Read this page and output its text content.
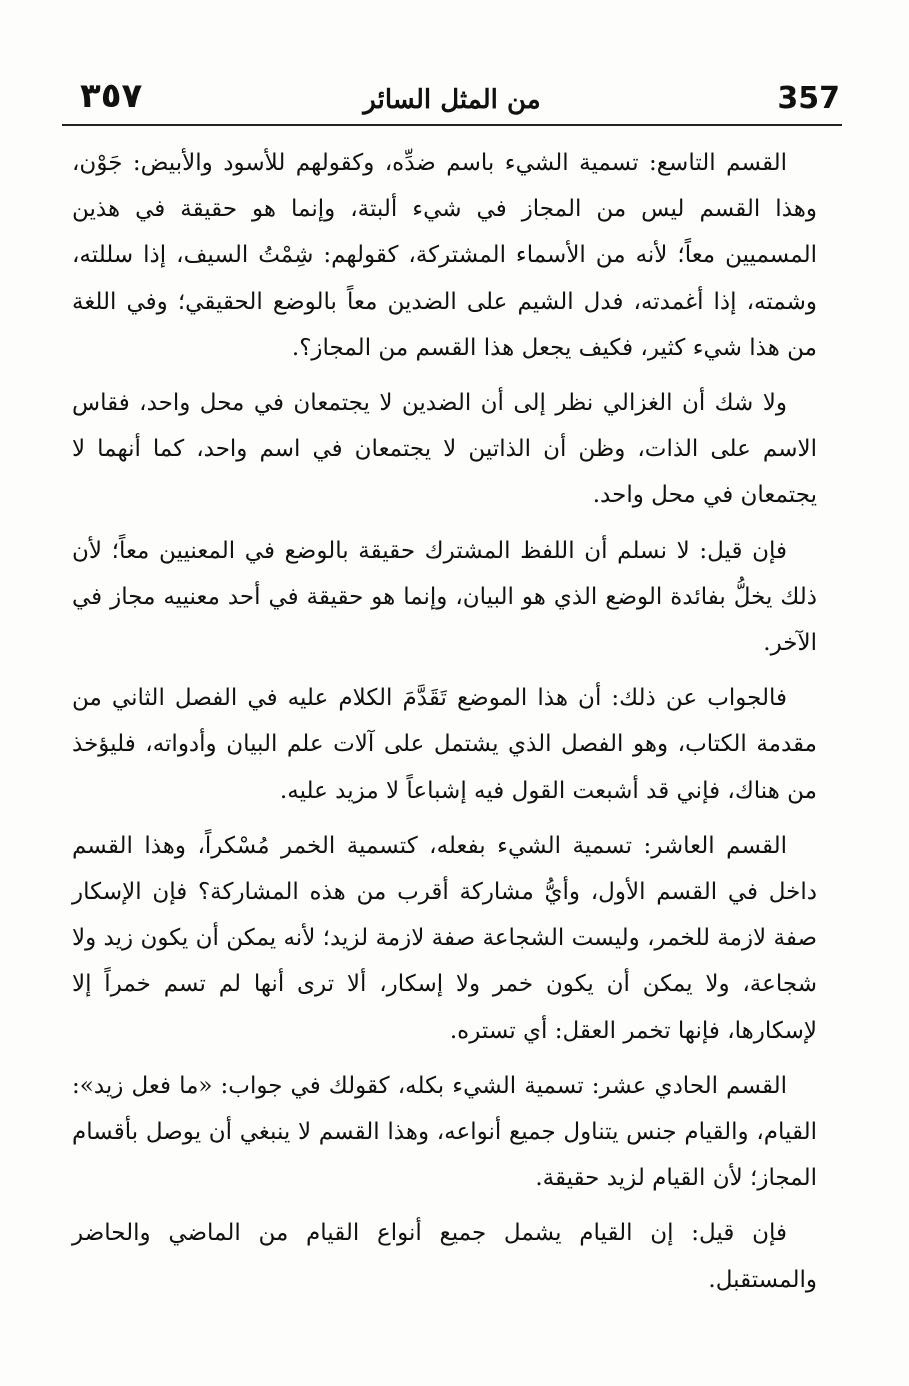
٣٥٧	من المثل السائر	357

القسم التاسع: تسمية الشيء باسم ضدِّه، وكقولهم للأسود والأبيض: جَوْن، وهذا القسم ليس من المجاز في شيء ألبتة، وإنما هو حقيقة في هذين المسميين معاً؛ لأنه من الأسماء المشتركة، كقولهم: شِمْتُ السيف، إذا سللته، وشمته، إذا أغمدته، فدل الشيم على الضدين معاً بالوضع الحقيقي؛ وفي اللغة من هذا شيء كثير، فكيف يجعل هذا القسم من المجاز؟.

ولا شك أن الغزالي نظر إلى أن الضدين لا يجتمعان في محل واحد، فقاس الاسم على الذات، وظن أن الذاتين لا يجتمعان في اسم واحد، كما أنهما لا يجتمعان في محل واحد.

فإن قيل: لا نسلم أن اللفظ المشترك حقيقة بالوضع في المعنيين معاً؛ لأن ذلك يخلُّ بفائدة الوضع الذي هو البيان، وإنما هو حقيقة في أحد معنييه مجاز في الآخر.

فالجواب عن ذلك: أن هذا الموضع تَقَدَّمَ الكلام عليه في الفصل الثاني من مقدمة الكتاب، وهو الفصل الذي يشتمل على آلات علم البيان وأدواته، فليؤخذ من هناك، فإني قد أشبعت القول فيه إشباعاً لا مزيد عليه.

القسم العاشر: تسمية الشيء بفعله، كتسمية الخمر مُسْكراً، وهذا القسم داخل في القسم الأول، وأيُّ مشاركة أقرب من هذه المشاركة؟ فإن الإسكار صفة لازمة للخمر، وليست الشجاعة صفة لازمة لزيد؛ لأنه يمكن أن يكون زيد ولا شجاعة، ولا يمكن أن يكون خمر ولا إسكار، ألا ترى أنها لم تسم خمراً إلا لإسكارها، فإنها تخمر العقل: أي تستره.

القسم الحادي عشر: تسمية الشيء بكله، كقولك في جواب: «ما فعل زيد»: القيام، والقيام جنس يتناول جميع أنواعه، وهذا القسم لا ينبغي أن يوصل بأقسام المجاز؛ لأن القيام لزيد حقيقة.

فإن قيل: إن القيام يشمل جميع أنواع القيام من الماضي والحاضر والمستقبل.
